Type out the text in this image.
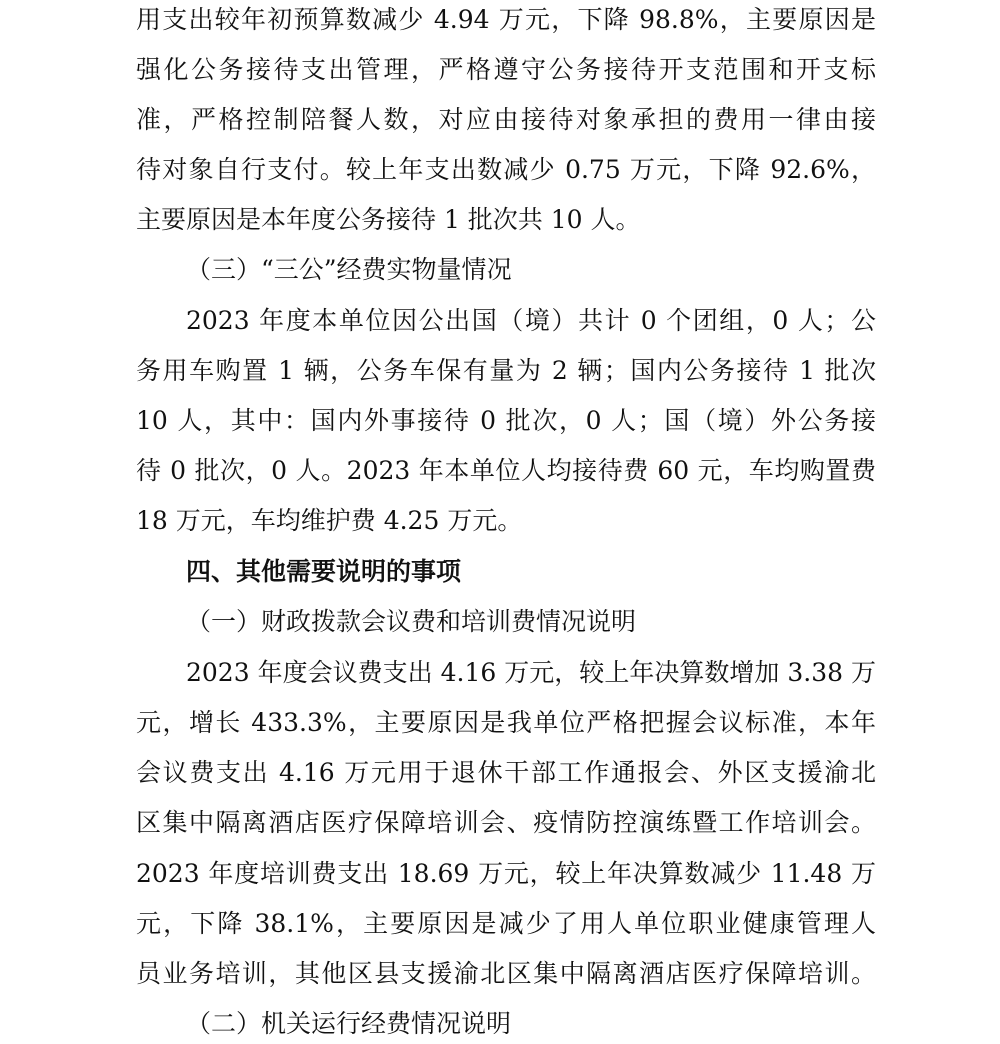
用支出较年初预算数减少 4.94 万元，下降 98.8%，主要原因是
强化公务接待支出管理，严格遵守公务接待开支范围和开支标
准，严格控制陪餐人数，对应由接待对象承担的费用一律由接
待对象自行支付。较上年支出数减少 0.75 万元，下降 92.6%，
主要原因是本年度公务接待 1 批次共 10 人。
（三）“三公”经费实物量情况
2023 年度本单位因公出国（境）共计 0 个团组，0 人；公
务用车购置 1 辆，公务车保有量为 2 辆；国内公务接待 1 批次
10 人，其中：国内外事接待 0 批次，0 人；国（境）外公务接
待 0 批次，0 人。2023 年本单位人均接待费 60 元，车均购置费
18 万元，车均维护费 4.25 万元。
四、其他需要说明的事项
（一）财政拨款会议费和培训费情况说明
2023 年度会议费支出 4.16 万元，较上年决算数增加 3.38 万
元，增长 433.3%，主要原因是我单位严格把握会议标准，本年
会议费支出 4.16 万元用于退休干部工作通报会、外区支援渝北
区集中隔离酒店医疗保障培训会、疫情防控演练暨工作培训会。
2023 年度培训费支出 18.69 万元，较上年决算数减少 11.48 万
元，下降 38.1%，主要原因是减少了用人单位职业健康管理人
员业务培训，其他区县支援渝北区集中隔离酒店医疗保障培训。
（二）机关运行经费情况说明
